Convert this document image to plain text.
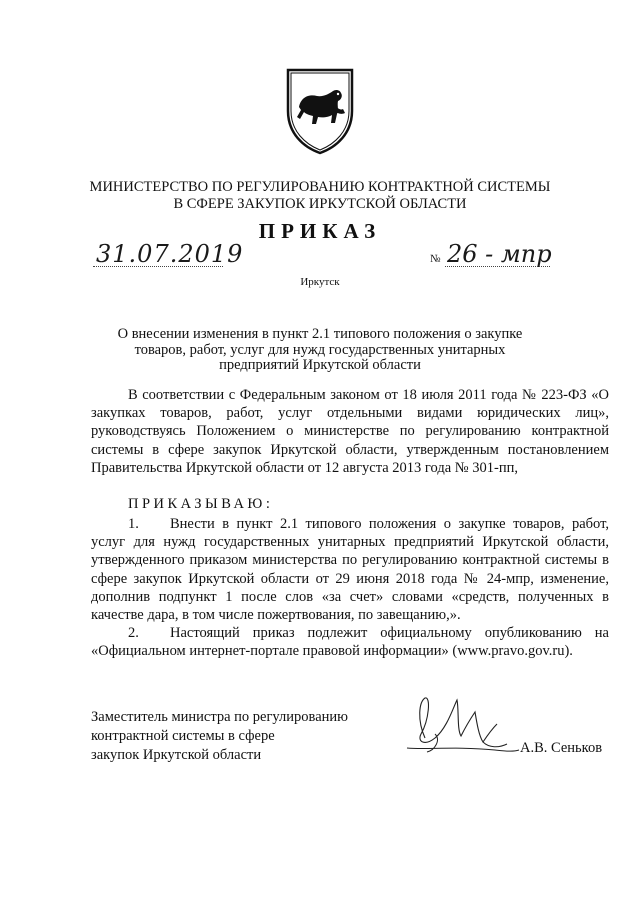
МИНИСТЕРСТВО ПО РЕГУЛИРОВАНИЮ КОНТРАКТНОЙ СИСТЕМЫ
В СФЕРЕ ЗАКУПОК ИРКУТСКОЙ ОБЛАСТИ
ПРИКАЗ
31.07.2019	№ 26 - мпр
Иркутск
О внесении изменения в пункт 2.1 типового положения о закупке товаров, работ, услуг для нужд государственных унитарных предприятий Иркутской области
В соответствии с Федеральным законом от 18 июля 2011 года № 223-ФЗ «О закупках товаров, работ, услуг отдельными видами юридических лиц», руководствуясь Положением о министерстве по регулированию контрактной системы в сфере закупок Иркутской области, утвержденным постановлением Правительства Иркутской области от 12 августа 2013 года № 301-пп,
ПРИКАЗЫВАЮ:
1. Внести в пункт 2.1 типового положения о закупке товаров, работ, услуг для нужд государственных унитарных предприятий Иркутской области, утвержденного приказом министерства по регулированию контрактной системы в сфере закупок Иркутской области от 29 июня 2018 года № 24-мпр, изменение, дополнив подпункт 1 после слов «за счет» словами «средств, полученных в качестве дара, в том числе пожертвования, по завещанию,».
2. Настоящий приказ подлежит официальному опубликованию на «Официальном интернет-портале правовой информации» (www.pravo.gov.ru).
Заместитель министра по регулированию
контрактной системы в сфере
закупок Иркутской области	А.В. Сеньков
